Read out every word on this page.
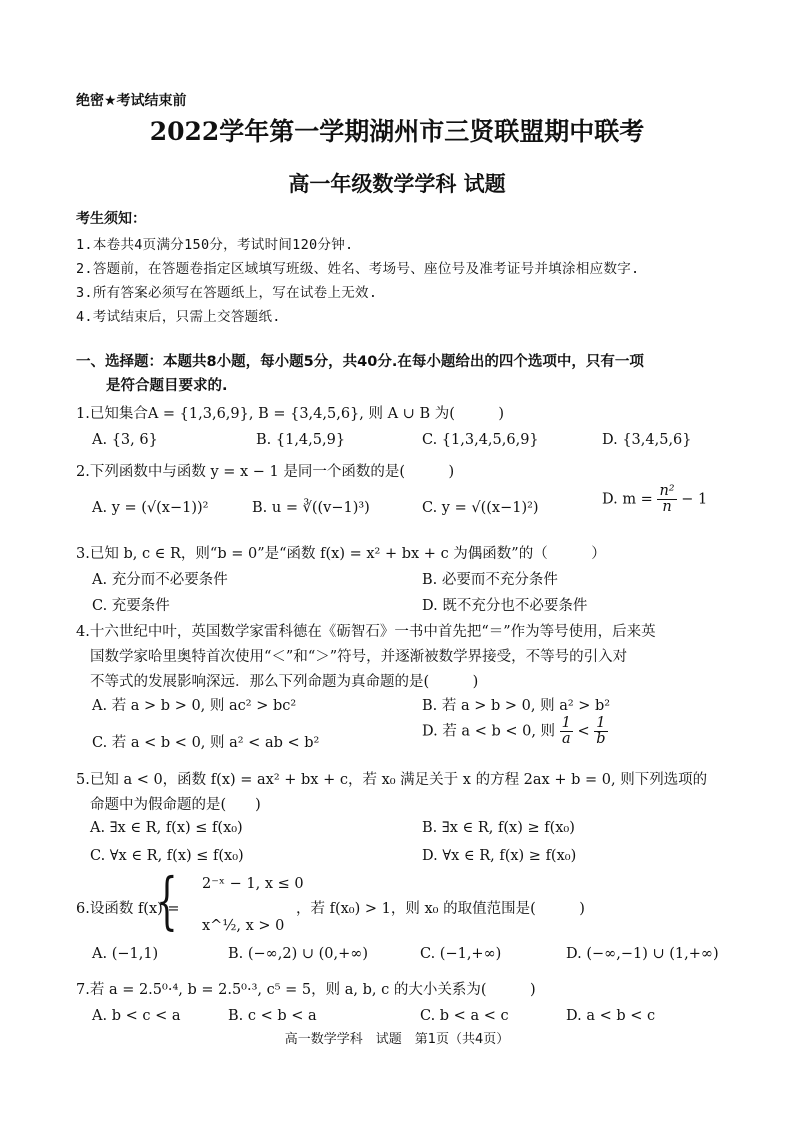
绝密★考试结束前
2022学年第一学期湖州市三贤联盟期中联考
高一年级数学学科 试题
考生须知：
1.本卷共4页满分150分，考试时间120分钟.
2.答题前，在答题卷指定区域填写班级、姓名、考场号、座位号及准考证号并填涂相应数字.
3.所有答案必须写在答题纸上，写在试卷上无效.
4.考试结束后，只需上交答题纸.
一、选择题：本题共8小题，每小题5分，共40分.在每小题给出的四个选项中，只有一项
是符合题目要求的.
1.已知集合A = {1,3,6,9}, B = {3,4,5,6}, 则 A ∪ B 为(　　　)
A. {3, 6}	B. {1,4,5,9}	C. {1,3,4,5,6,9}	D. {3,4,5,6}
2.下列函数中与函数 y = x − 1 是同一个函数的是(　　　)
A. y = (√(x−1))²	B. u = ∛((v−1)³)	C. y = √((x−1)²)
D. $m = \frac{\text{n²}}{n} - 1$
3.已知 b, c ∈ R，则“b = 0”是“函数 f(x) = x² + bx + c 为偶函数”的（　　　）
A. 充分而不必要条件	B. 必要而不充分条件
C. 充要条件	D. 既不充分也不必要条件
4.十六世纪中叶，英国数学家雷科德在《砺智石》一书中首先把“＝”作为等号使用，后来英
国数学家哈里奥特首次使用“＜”和“＞”符号，并逐渐被数学界接受，不等号的引入对
不等式的发展影响深远．那么下列命题为真命题的是(　　　)
A. 若 a > b > 0, 则 ac² > bc²	B. 若 a > b > 0, 则 a² > b²
C. 若 a < b < 0, 则 a² < ab < b²
D. 若 a < b < 0, 则 $\frac{1}{a} < \frac{1}{b}$
5.已知 a < 0，函数 f(x) = ax² + bx + c，若 x₀ 满足关于 x 的方程 2ax + b = 0, 则下列选项的
命题中为假命题的是(　　)
A. ∃x ∈ R, f(x) ≤ f(x₀)	B. ∃x ∈ R, f(x) ≥ f(x₀)
C. ∀x ∈ R, f(x) ≤ f(x₀)	D. ∀x ∈ R, f(x) ≥ f(x₀)
6.设函数 f(x) =
{ 2⁻ˣ − 1, x ≤ 0
x^½, x > 0
，若 f(x₀) > 1，则 x₀ 的取值范围是(　　　)
A. (−1,1)	B. (−∞,2) ∪ (0,+∞)	C. (−1,+∞)	D. (−∞,−1) ∪ (1,+∞)
7.若 a = 2.5⁰·⁴, b = 2.5⁰·³, c⁵ = 5，则 a, b, c 的大小关系为(　　　)
A. b < c < a	B. c < b < a	C. b < a < c	D. a < b < c
高一数学学科　试题　第1页（共4页）
